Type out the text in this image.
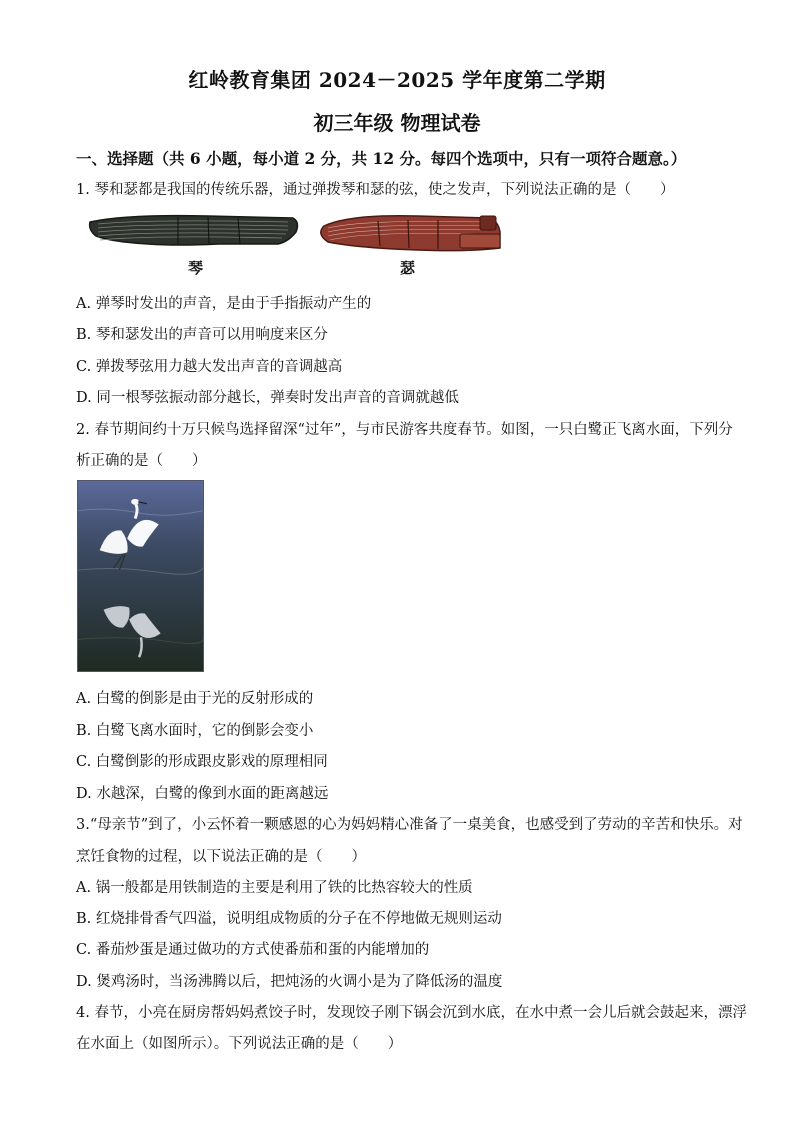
红岭教育集团 2024－2025 学年度第二学期
初三年级 物理试卷
一、选择题（共 6 小题，每小道 2 分，共 12 分。每四个选项中，只有一项符合题意。）
1. 琴和瑟都是我国的传统乐器，通过弹拨琴和瑟的弦，使之发声，下列说法正确的是（　　）
琴	瑟
A. 弹琴时发出的声音，是由于手指振动产生的
B. 琴和瑟发出的声音可以用响度来区分
C. 弹拨琴弦用力越大发出声音的音调越高
D. 同一根琴弦振动部分越长，弹奏时发出声音的音调就越低
2. 春节期间约十万只候鸟选择留深“过年”，与市民游客共度春节。如图，一只白鹭正飞离水面，下列分
析正确的是（　　）
A. 白鹭的倒影是由于光的反射形成的
B. 白鹭飞离水面时，它的倒影会变小
C. 白鹭倒影的形成跟皮影戏的原理相同
D. 水越深，白鹭的像到水面的距离越远
3.“母亲节”到了，小云怀着一颗感恩的心为妈妈精心准备了一桌美食，也感受到了劳动的辛苦和快乐。对
烹饪食物的过程，以下说法正确的是（　　）
A. 锅一般都是用铁制造的主要是利用了铁的比热容较大的性质
B. 红烧排骨香气四溢，说明组成物质的分子在不停地做无规则运动
C. 番茄炒蛋是通过做功的方式使番茄和蛋的内能增加的
D. 煲鸡汤时，当汤沸腾以后，把炖汤的火调小是为了降低汤的温度
4. 春节，小亮在厨房帮妈妈煮饺子时，发现饺子刚下锅会沉到水底，在水中煮一会儿后就会鼓起来，漂浮
在水面上（如图所示）。下列说法正确的是（　　）
